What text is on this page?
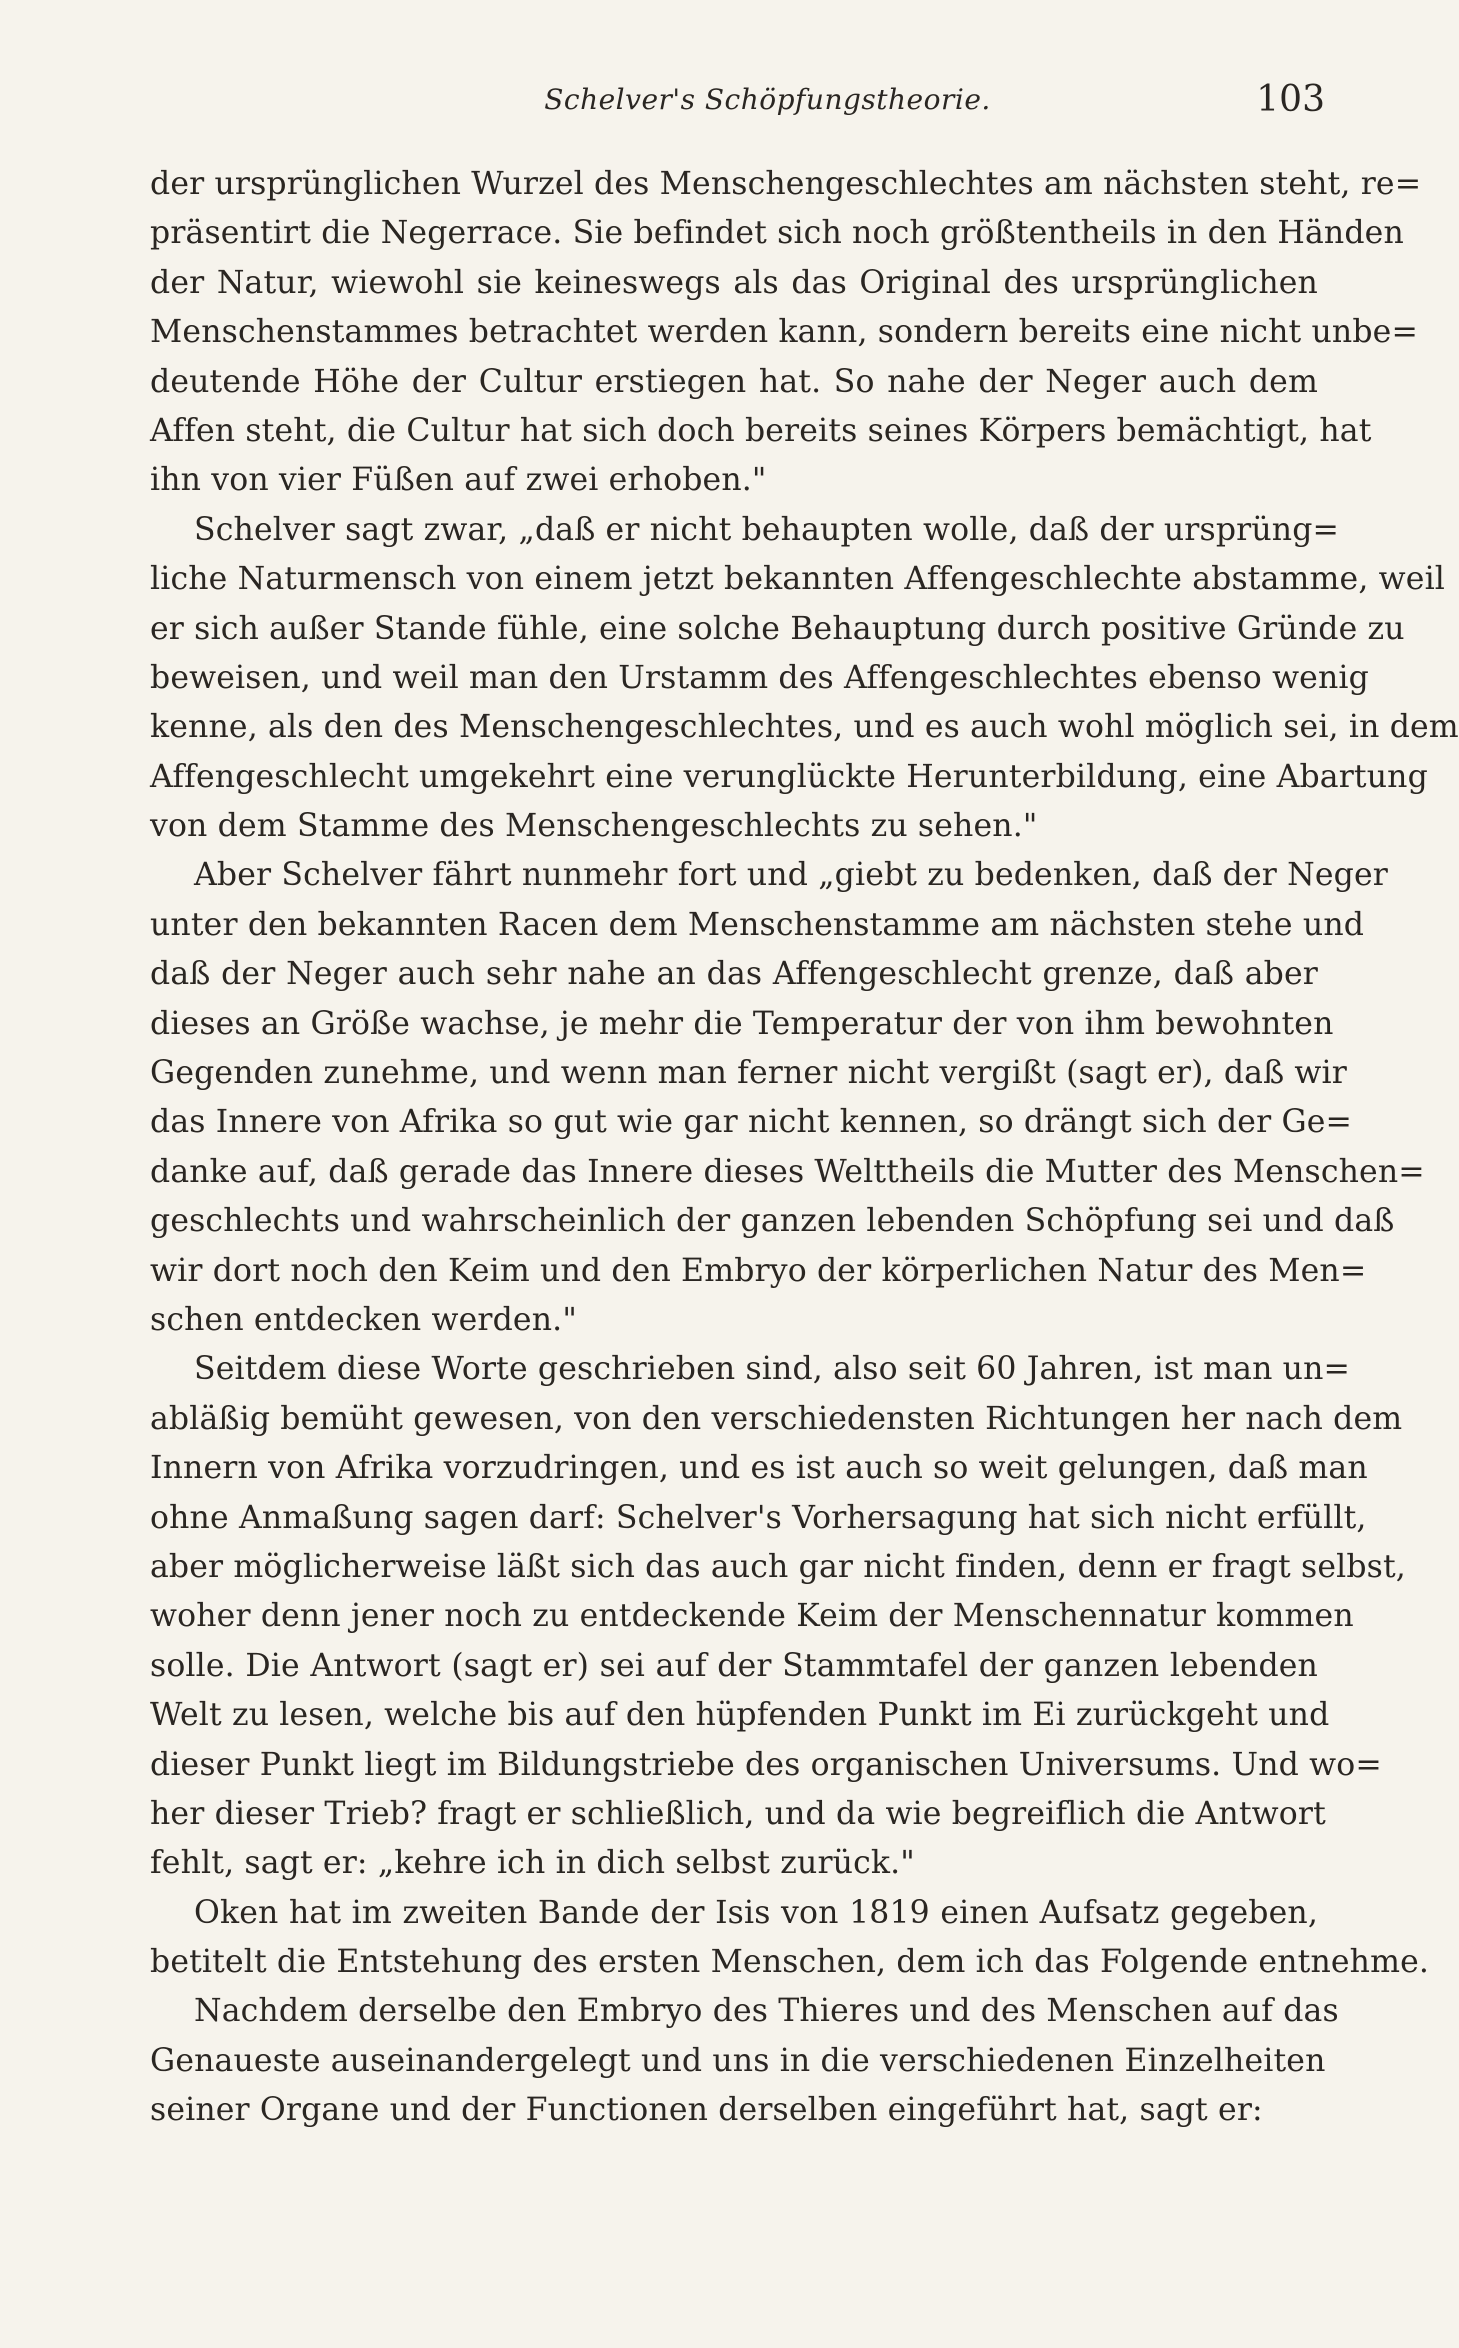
Schelver's Schöpfungstheorie.	103
der ursprünglichen Wurzel des Menschengeschlechtes am nächsten steht, re=
präsentirt die Negerrace. Sie befindet sich noch größtentheils in den Händen
der Natur, wiewohl sie keineswegs als das Original des ursprünglichen
Menschenstammes betrachtet werden kann, sondern bereits eine nicht unbe=
deutende Höhe der Cultur erstiegen hat. So nahe der Neger auch dem
Affen steht, die Cultur hat sich doch bereits seines Körpers bemächtigt, hat
ihn von vier Füßen auf zwei erhoben."
Schelver sagt zwar, „daß er nicht behaupten wolle, daß der ursprüng=
liche Naturmensch von einem jetzt bekannten Affengeschlechte abstamme, weil
er sich außer Stande fühle, eine solche Behauptung durch positive Gründe zu
beweisen, und weil man den Urstamm des Affengeschlechtes ebenso wenig
kenne, als den des Menschengeschlechtes, und es auch wohl möglich sei, in dem
Affengeschlecht umgekehrt eine verunglückte Herunterbildung, eine Abartung
von dem Stamme des Menschengeschlechts zu sehen."
Aber Schelver fährt nunmehr fort und „giebt zu bedenken, daß der Neger
unter den bekannten Racen dem Menschenstamme am nächsten stehe und
daß der Neger auch sehr nahe an das Affengeschlecht grenze, daß aber
dieses an Größe wachse, je mehr die Temperatur der von ihm bewohnten
Gegenden zunehme, und wenn man ferner nicht vergißt (sagt er), daß wir
das Innere von Afrika so gut wie gar nicht kennen, so drängt sich der Ge=
danke auf, daß gerade das Innere dieses Welttheils die Mutter des Menschen=
geschlechts und wahrscheinlich der ganzen lebenden Schöpfung sei und daß
wir dort noch den Keim und den Embryo der körperlichen Natur des Men=
schen entdecken werden."
Seitdem diese Worte geschrieben sind, also seit 60 Jahren, ist man un=
abläßig bemüht gewesen, von den verschiedensten Richtungen her nach dem
Innern von Afrika vorzudringen, und es ist auch so weit gelungen, daß man
ohne Anmaßung sagen darf: Schelver's Vorhersagung hat sich nicht erfüllt,
aber möglicherweise läßt sich das auch gar nicht finden, denn er fragt selbst,
woher denn jener noch zu entdeckende Keim der Menschennatur kommen
solle. Die Antwort (sagt er) sei auf der Stammtafel der ganzen lebenden
Welt zu lesen, welche bis auf den hüpfenden Punkt im Ei zurückgeht und
dieser Punkt liegt im Bildungstriebe des organischen Universums. Und wo=
her dieser Trieb? fragt er schließlich, und da wie begreiflich die Antwort
fehlt, sagt er: „kehre ich in dich selbst zurück."
Oken hat im zweiten Bande der Isis von 1819 einen Aufsatz gegeben,
betitelt die Entstehung des ersten Menschen, dem ich das Folgende entnehme.
Nachdem derselbe den Embryo des Thieres und des Menschen auf das
Genaueste auseinandergelegt und uns in die verschiedenen Einzelheiten
seiner Organe und der Functionen derselben eingeführt hat, sagt er:
